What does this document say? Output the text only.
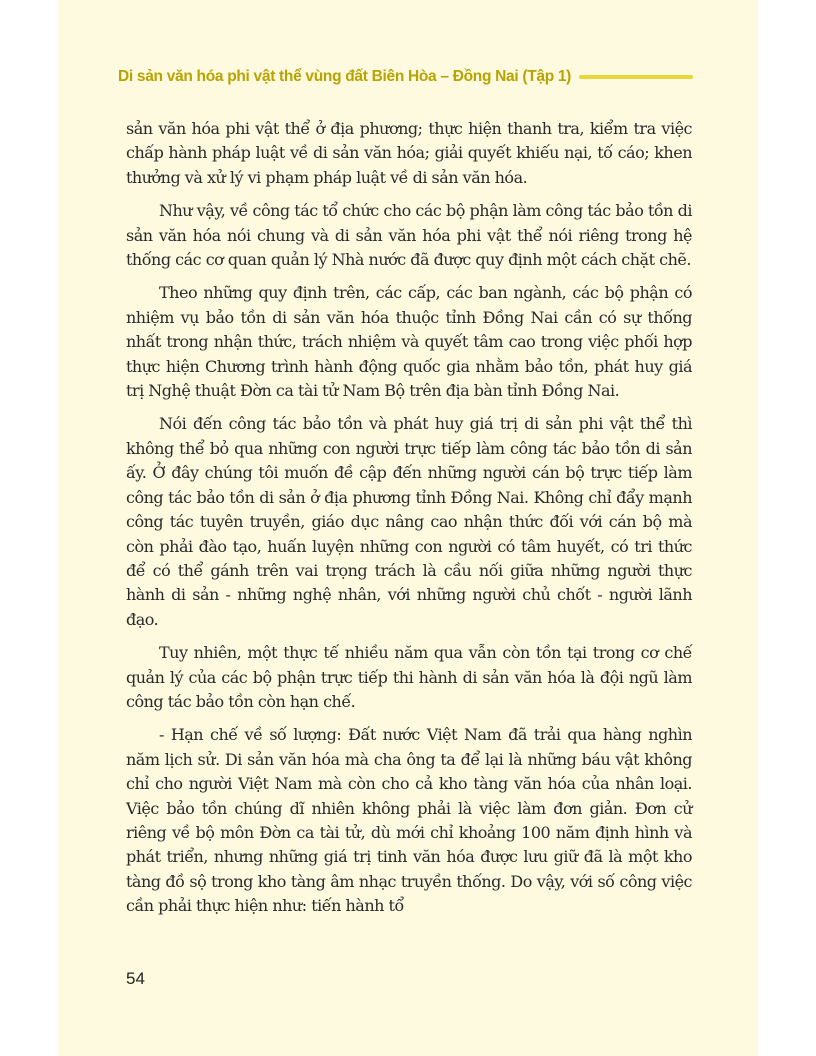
Di sản văn hóa phi vật thể vùng đất Biên Hòa – Đồng Nai (Tập 1)

sản văn hóa phi vật thể ở địa phương; thực hiện thanh tra, kiểm tra việc chấp hành pháp luật về di sản văn hóa; giải quyết khiếu nại, tố cáo; khen thưởng và xử lý vi phạm pháp luật về di sản văn hóa.

Như vậy, về công tác tổ chức cho các bộ phận làm công tác bảo tồn di sản văn hóa nói chung và di sản văn hóa phi vật thể nói riêng trong hệ thống các cơ quan quản lý Nhà nước đã được quy định một cách chặt chẽ.

Theo những quy định trên, các cấp, các ban ngành, các bộ phận có nhiệm vụ bảo tồn di sản văn hóa thuộc tỉnh Đồng Nai cần có sự thống nhất trong nhận thức, trách nhiệm và quyết tâm cao trong việc phối hợp thực hiện Chương trình hành động quốc gia nhằm bảo tồn, phát huy giá trị Nghệ thuật Đờn ca tài tử Nam Bộ trên địa bàn tỉnh Đồng Nai.

Nói đến công tác bảo tồn và phát huy giá trị di sản phi vật thể thì không thể bỏ qua những con người trực tiếp làm công tác bảo tồn di sản ấy. Ở đây chúng tôi muốn đề cập đến những người cán bộ trực tiếp làm công tác bảo tồn di sản ở địa phương tỉnh Đồng Nai. Không chỉ đẩy mạnh công tác tuyên truyền, giáo dục nâng cao nhận thức đối với cán bộ mà còn phải đào tạo, huấn luyện những con người có tâm huyết, có tri thức để có thể gánh trên vai trọng trách là cầu nối giữa những người thực hành di sản - những nghệ nhân, với những người chủ chốt - người lãnh đạo.

Tuy nhiên, một thực tế nhiều năm qua vẫn còn tồn tại trong cơ chế quản lý của các bộ phận trực tiếp thi hành di sản văn hóa là đội ngũ làm công tác bảo tồn còn hạn chế.

- Hạn chế về số lượng: Đất nước Việt Nam đã trải qua hàng nghìn năm lịch sử. Di sản văn hóa mà cha ông ta để lại là những báu vật không chỉ cho người Việt Nam mà còn cho cả kho tàng văn hóa của nhân loại. Việc bảo tồn chúng dĩ nhiên không phải là việc làm đơn giản. Đơn cử riêng về bộ môn Đờn ca tài tử, dù mới chỉ khoảng 100 năm định hình và phát triển, nhưng những giá trị tinh văn hóa được lưu giữ đã là một kho tàng đồ sộ trong kho tàng âm nhạc truyền thống. Do vậy, với số công việc cần phải thực hiện như: tiến hành tổ

54
